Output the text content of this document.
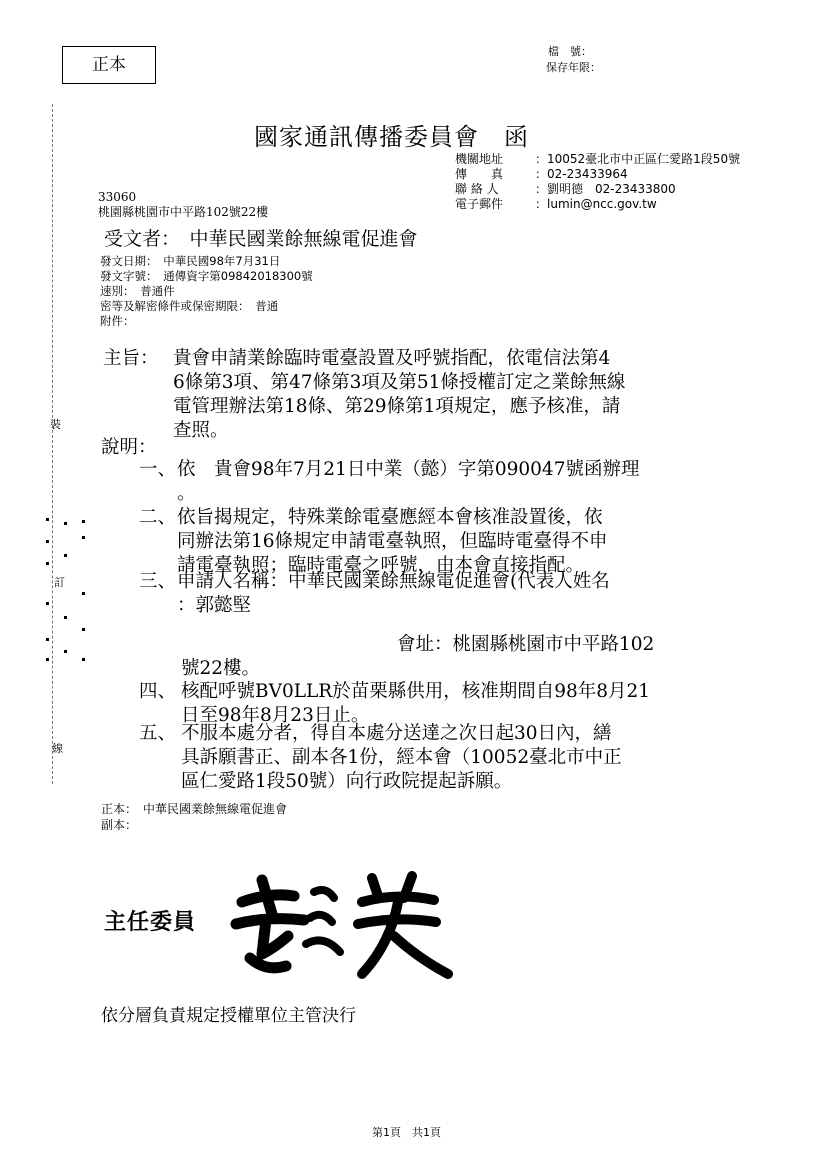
正本
檔　號：
保存年限：
國家通訊傳播委員會　函
機關地址	：10052臺北市中正區仁愛路1段50號
傳　　真	：02-23433964
聯 絡 人	：劉明德　02-23433800
電子郵件	：lumin@ncc.gov.tw
33060
桃園縣桃園市中平路102號22樓
受文者：　中華民國業餘無線電促進會
發文日期：　中華民國98年7月31日
發文字號：　通傳資字第09842018300號
速別：　普通件
密等及解密條件或保密期限：　普通
附件：
主旨： 貴會申請業餘臨時電臺設置及呼號指配，依電信法第4
6條第3項、第47條第3項及第51條授權訂定之業餘無線
電管理辦法第18條、第29條第1項規定，應予核准，請
查照。
說明：
一、 依　貴會98年7月21日中業（懿）字第090047號函辦理
。
二、 依旨揭規定，特殊業餘電臺應經本會核准設置後，依
同辦法第16條規定申請電臺執照，但臨時電臺得不申
請電臺執照；臨時電臺之呼號，由本會直接指配。
三、 申請人名稱：中華民國業餘無線電促進會(代表人姓名
：郭懿堅
會址：桃園縣桃園市中平路102
號22樓。
四、 核配呼號BV0LLR於苗栗縣供用，核准期間自98年8月21
日至98年8月23日止。
五、 不服本處分者，得自本處分送達之次日起30日內，繕
具訴願書正、副本各1份，經本會（10052臺北市中正
區仁愛路1段50號）向行政院提起訴願。
正本：　中華民國業餘無線電促進會
副本：
主任委員
依分層負責規定授權單位主管決行
第1頁　共1頁
裝
訂
線
